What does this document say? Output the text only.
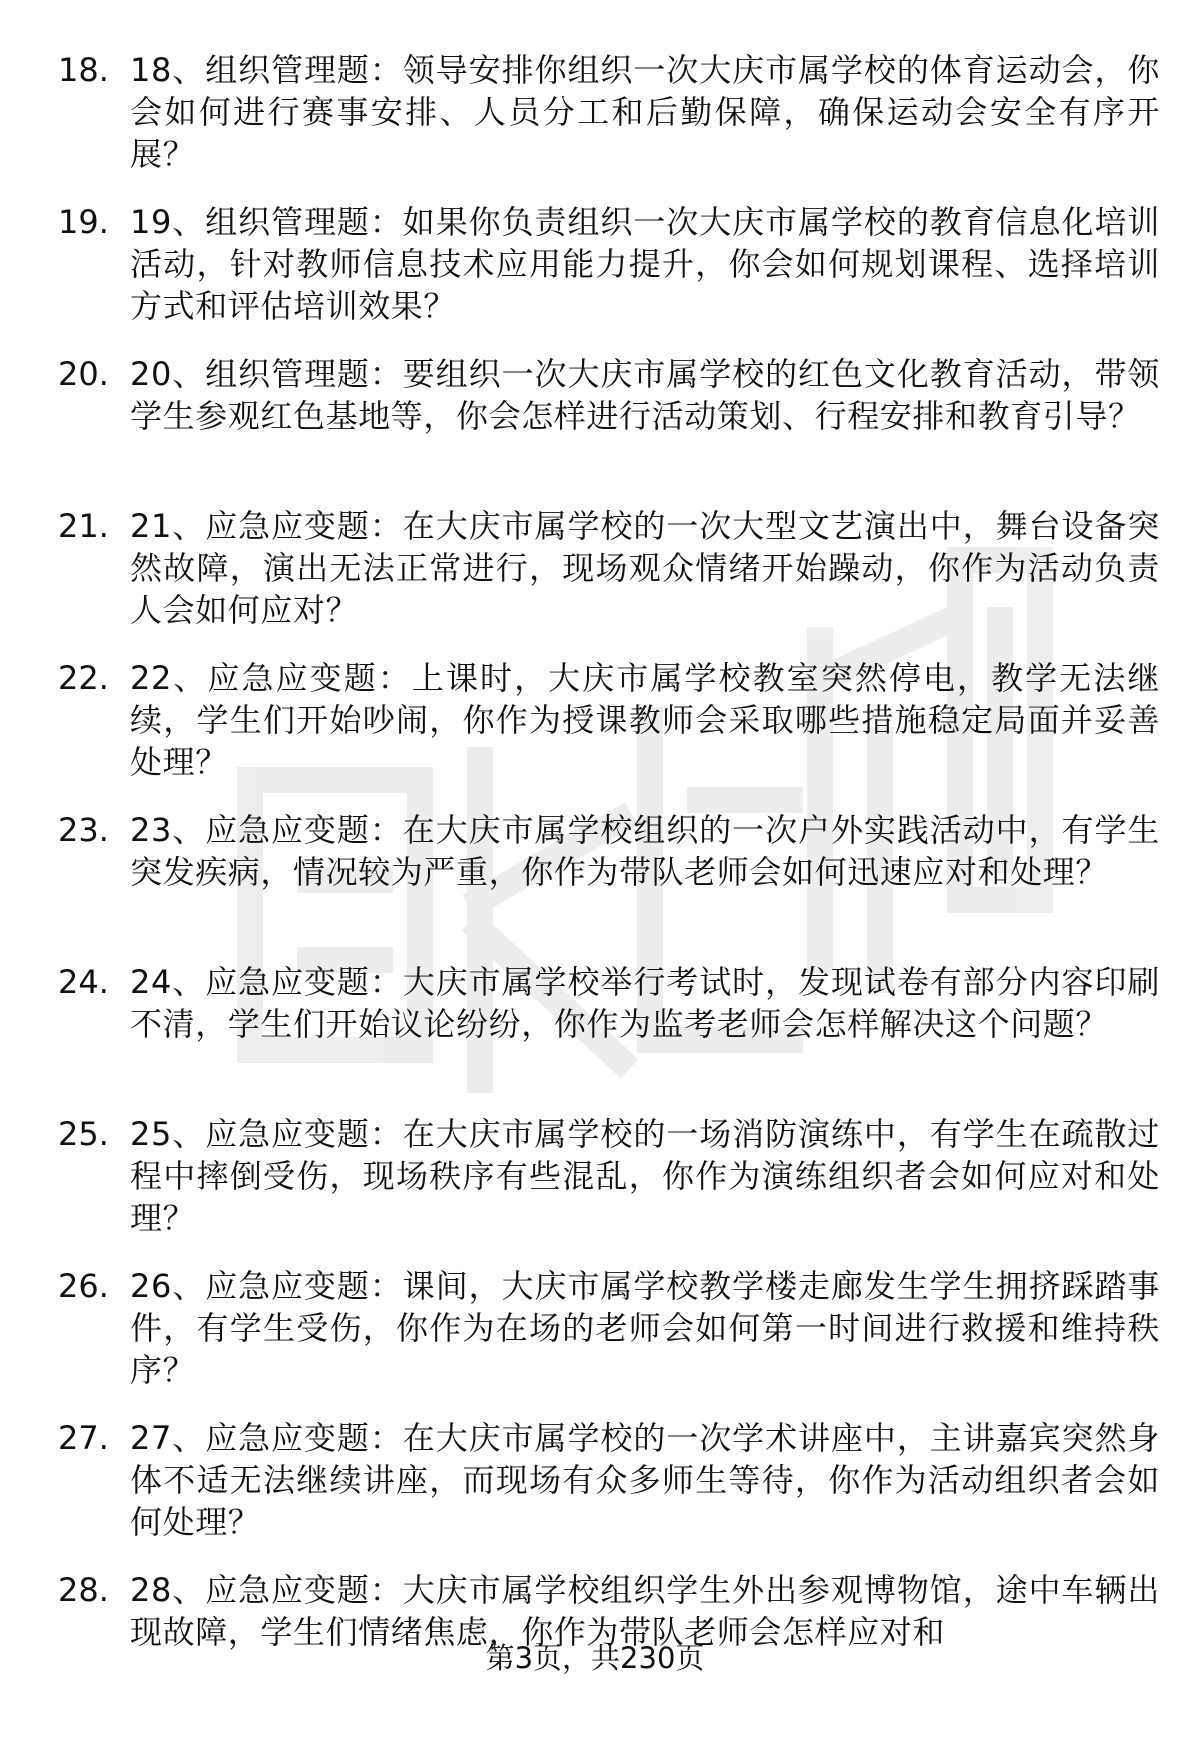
18. 18、组织管理题：领导安排你组织一次大庆市属学校的体育运动会，你会如何进行赛事安排、人员分工和后勤保障，确保运动会安全有序开展？
19. 19、组织管理题：如果你负责组织一次大庆市属学校的教育信息化培训活动，针对教师信息技术应用能力提升，你会如何规划课程、选择培训方式和评估培训效果？
20. 20、组织管理题：要组织一次大庆市属学校的红色文化教育活动，带领学生参观红色基地等，你会怎样进行活动策划、行程安排和教育引导？
21. 21、应急应变题：在大庆市属学校的一次大型文艺演出中，舞台设备突然故障，演出无法正常进行，现场观众情绪开始躁动，你作为活动负责人会如何应对？
22. 22、应急应变题：上课时，大庆市属学校教室突然停电，教学无法继续，学生们开始吵闹，你作为授课教师会采取哪些措施稳定局面并妥善处理？
23. 23、应急应变题：在大庆市属学校组织的一次户外实践活动中，有学生突发疾病，情况较为严重，你作为带队老师会如何迅速应对和处理？
24. 24、应急应变题：大庆市属学校举行考试时，发现试卷有部分内容印刷不清，学生们开始议论纷纷，你作为监考老师会怎样解决这个问题？
25. 25、应急应变题：在大庆市属学校的一场消防演练中，有学生在疏散过程中摔倒受伤，现场秩序有些混乱，你作为演练组织者会如何应对和处理？
26. 26、应急应变题：课间，大庆市属学校教学楼走廊发生学生拥挤踩踏事件，有学生受伤，你作为在场的老师会如何第一时间进行救援和维持秩序？
27. 27、应急应变题：在大庆市属学校的一次学术讲座中，主讲嘉宾突然身体不适无法继续讲座，而现场有众多师生等待，你作为活动组织者会如何处理？
28. 28、应急应变题：大庆市属学校组织学生外出参观博物馆，途中车辆出现故障，学生们情绪焦虑，你作为带队老师会怎样应对和
第3页，共230页
